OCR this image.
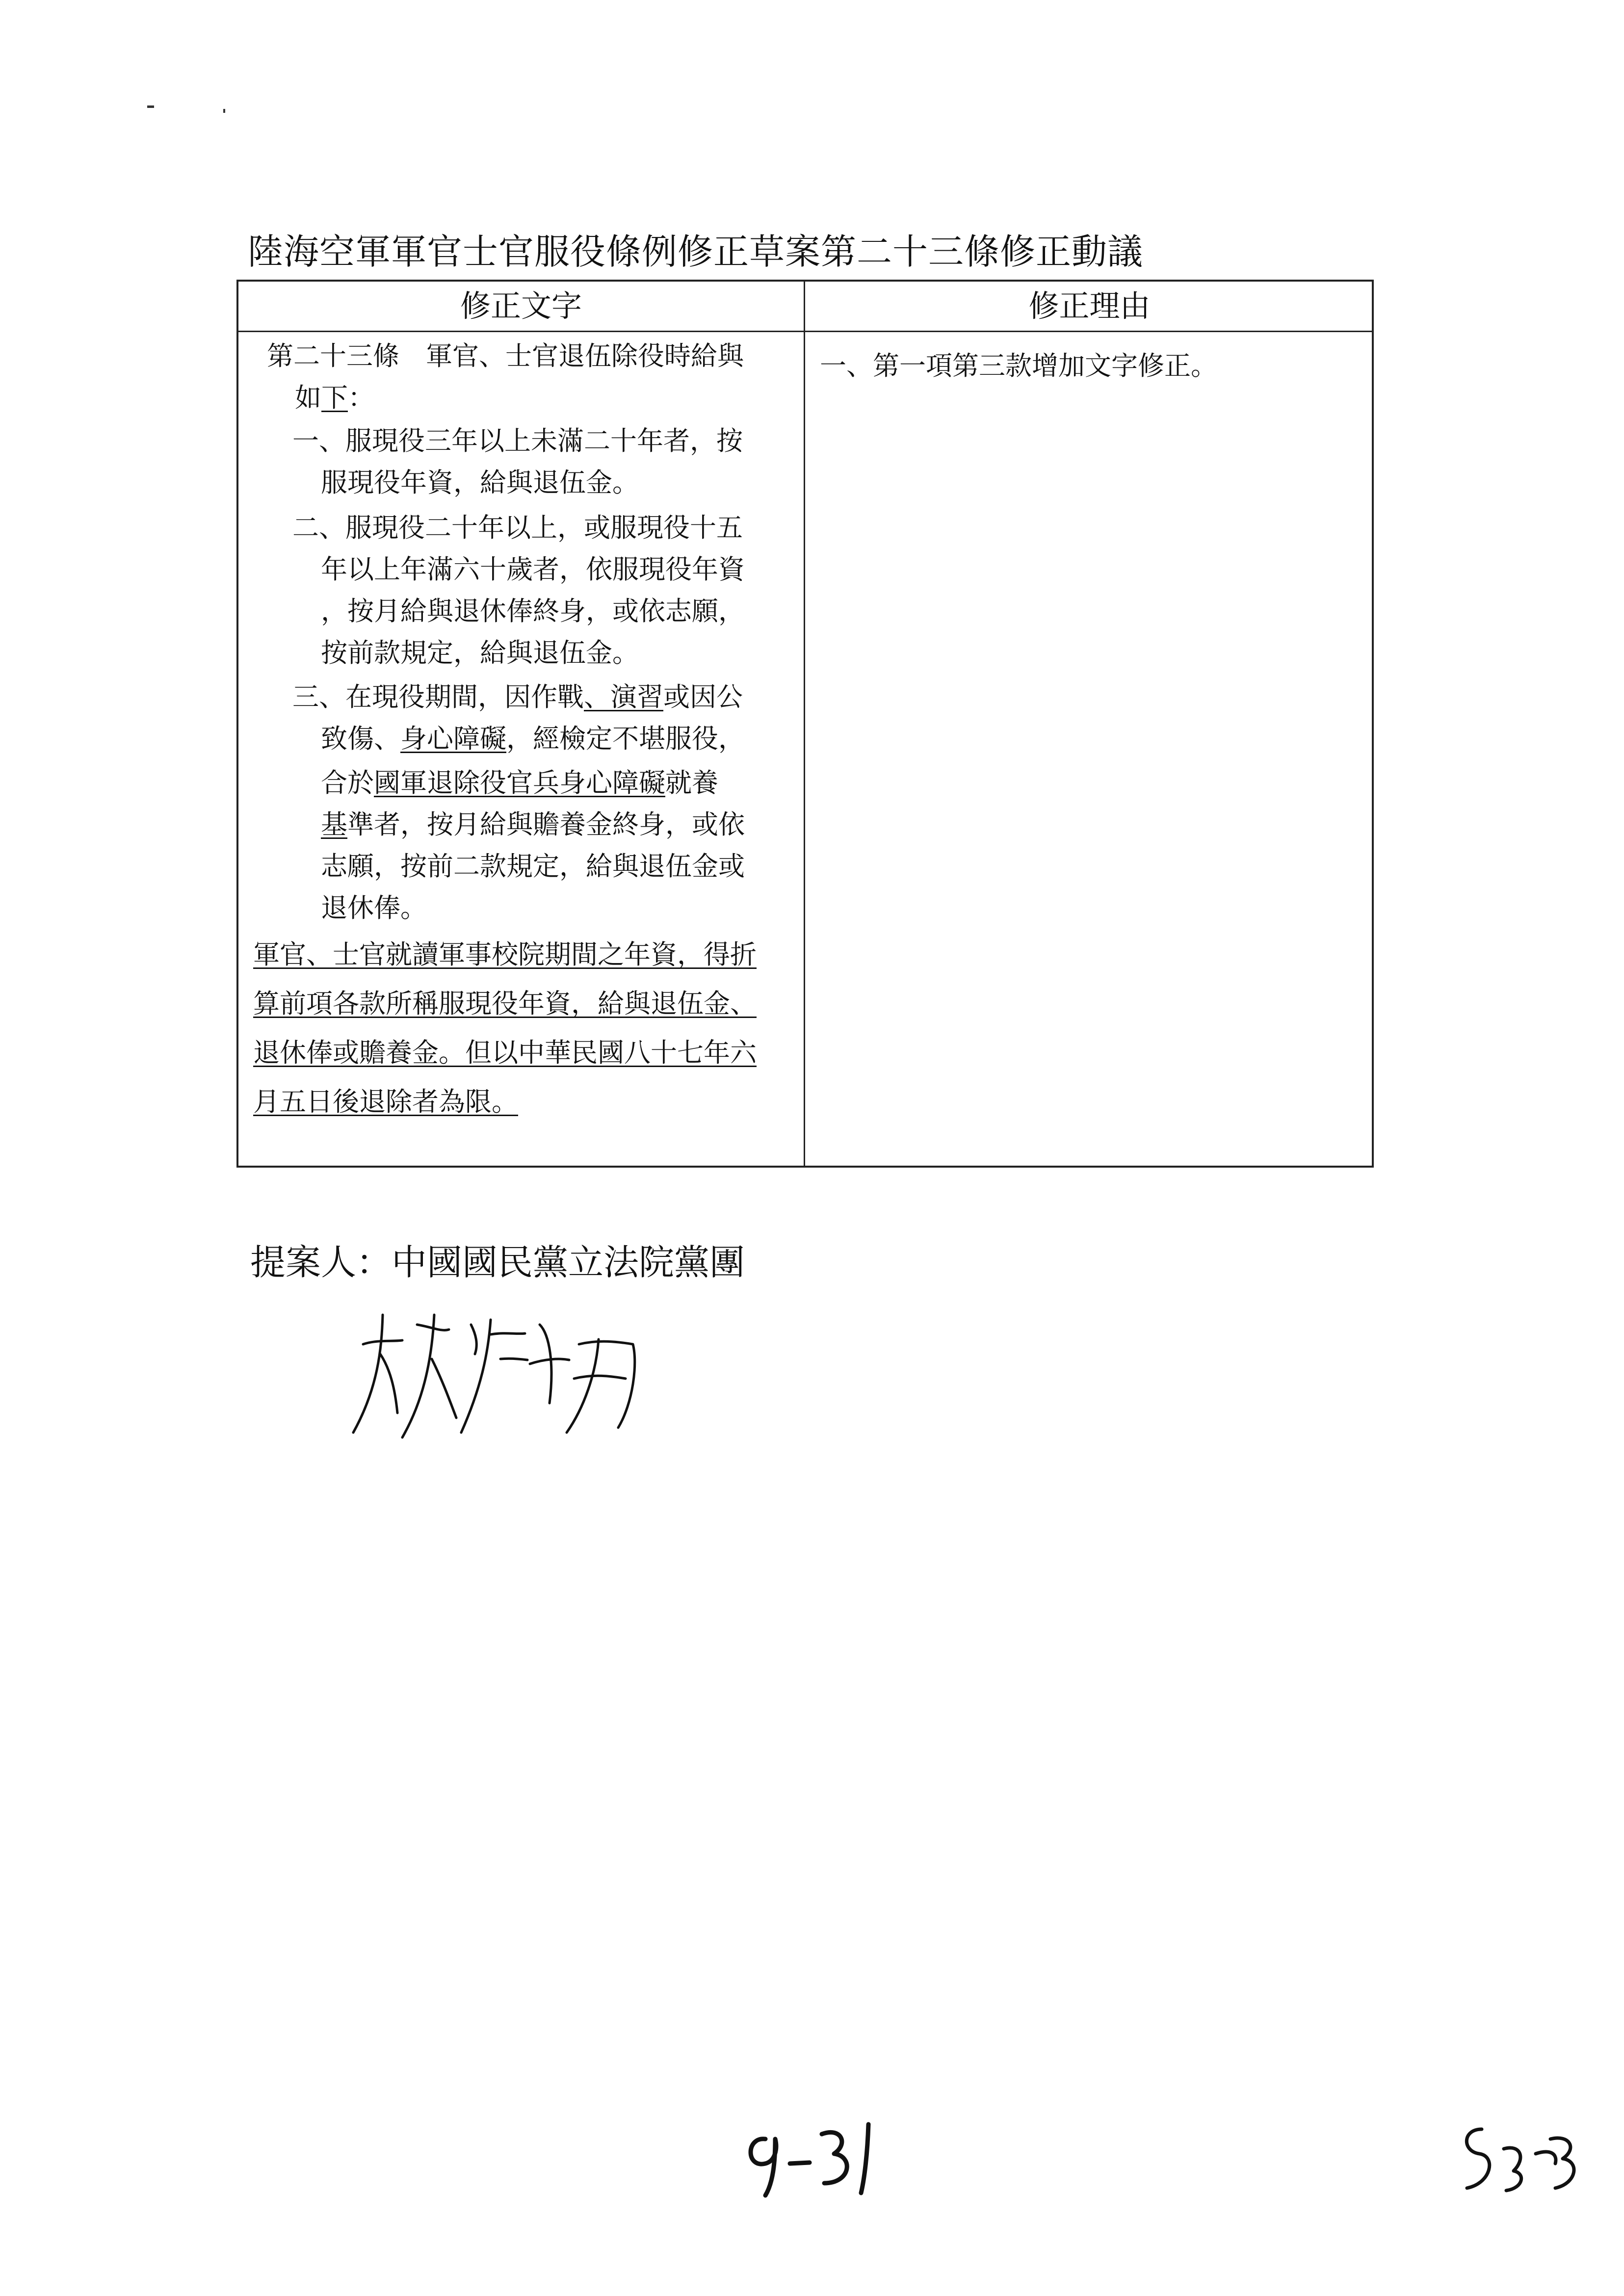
陸海空軍軍官士官服役條例修正草案第二十三條修正動議
修正文字	修正理由
第二十三條　軍官、士官退伍除役時給與
如下：
一、服現役三年以上未滿二十年者，按
服現役年資，給與退伍金。
二、服現役二十年以上，或服現役十五
年以上年滿六十歲者，依服現役年資
，按月給與退休俸終身，或依志願，
按前款規定，給與退伍金。
三、在現役期間，因作戰、演習或因公
致傷、身心障礙，經檢定不堪服役，
合於國軍退除役官兵身心障礙就養
基準者，按月給與贍養金終身，或依
志願，按前二款規定，給與退伍金或
退休俸。
軍官、士官就讀軍事校院期間之年資，得折
算前項各款所稱服現役年資，給與退伍金、
退休俸或贍養金。但以中華民國八十七年六
月五日後退除者為限。
一、第一項第三款增加文字修正。
提案人：中國國民黨立法院黨團
